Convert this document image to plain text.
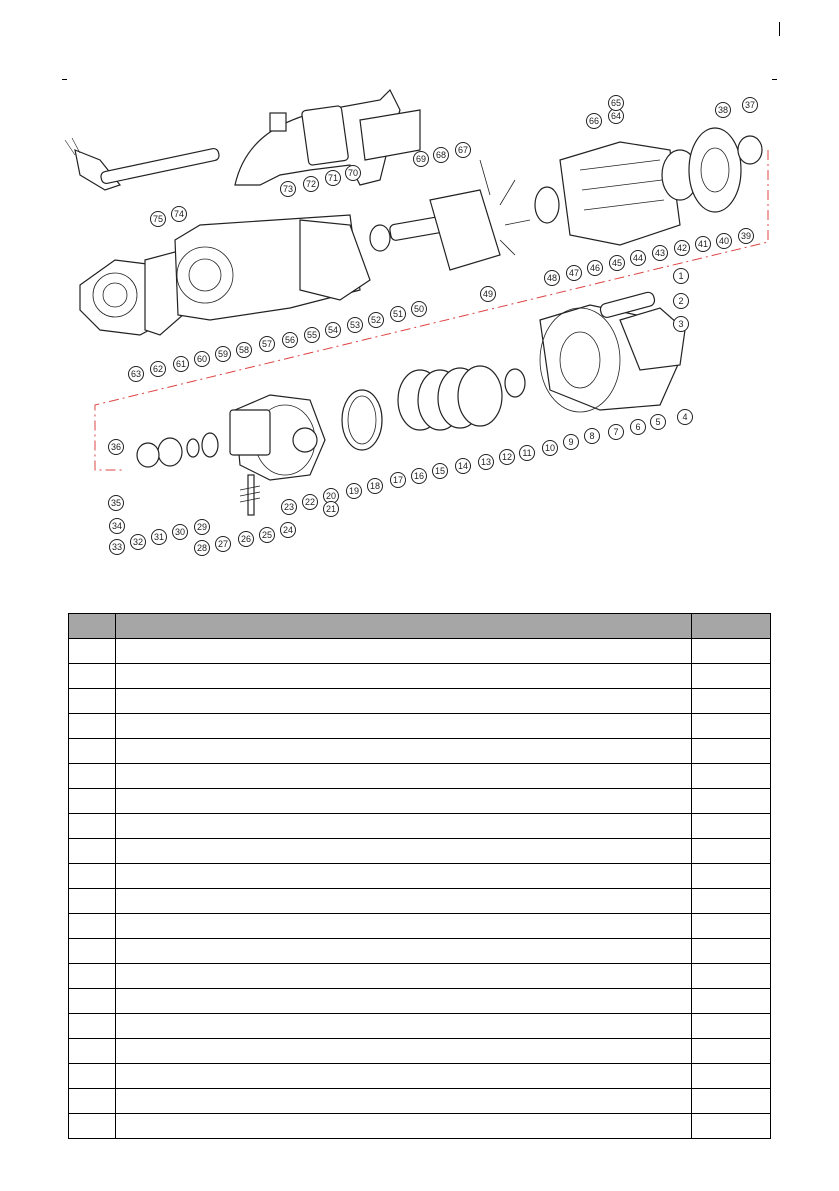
1
2
3
4
5
6
7
8
9
10
11
12
13
14
15
16
17
18
19
20
21
22
23
24
25
26
27
28
29
30
31
32
33
34
35
36
37
38
39
40
41
42
43
44
45
46
47
48
49
50
51
52
53
54
55
56
57
58
59
60
61
62
63
64
65
66
67
68
69
70
71
72
73
74
75
